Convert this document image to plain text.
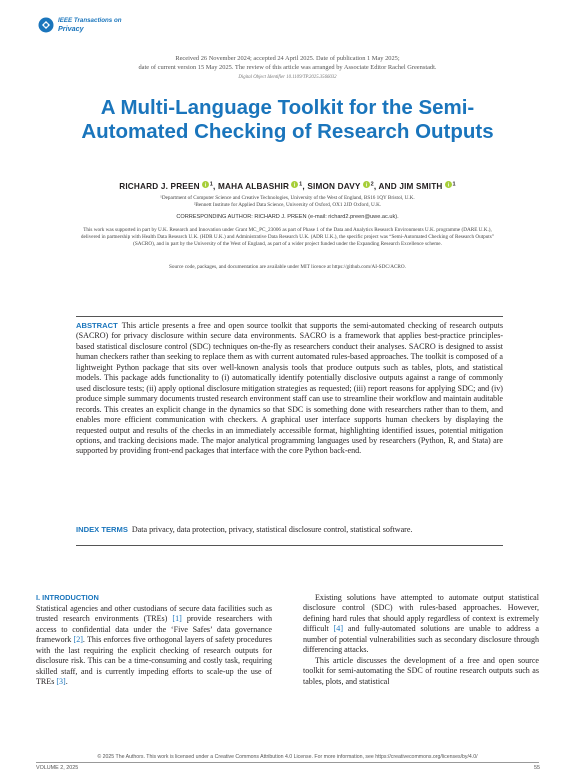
IEEE Transactions on
Privacy
Received 26 November 2024; accepted 24 April 2025. Date of publication 1 May 2025;
date of current version 15 May 2025. The review of this article was arranged by Associate Editor Rachel Greenstadt.
Digital Object Identifier 10.1109/TP.2025.3566032
A Multi-Language Toolkit for the Semi-Automated Checking of Research Outputs
RICHARD J. PREEN i $^1$, MAHA ALBASHIR i $^1$, SIMON DAVY i $^2$, AND JIM SMITH i $^1$
¹Department of Computer Science and Creative Technologies, University of the West of England, BS16 1QY Bristol, U.K.
²Bennett Institute for Applied Data Science, University of Oxford, OX1 2JD Oxford, U.K.
CORRESPONDING AUTHOR: RICHARD J. PREEN (e-mail: richard2.preen@uwe.ac.uk).
This work was supported in part by U.K. Research and Innovation under Grant MC_PC_23006 as part of Phase 1 of the Data and Analytics Research Environments U.K. programme (DARE U.K.), delivered in partnership with Health Data Research U.K. (HDR U.K.) and Administrative Data Research U.K. (ADR U.K.), the specific project was “Semi-Automated Checking of Research Outputs” (SACRO), and in part by the University of the West of England, as part of a wider project funded under the Expanding Research Excellence scheme.
Source code, packages, and documentation are available under MIT licence at https://github.com/AI-SDC/ACRO.
ABSTRACT This article presents a free and open source toolkit that supports the semi-automated checking of research outputs (SACRO) for privacy disclosure within secure data environments. SACRO is a framework that applies best-practice principles-based statistical disclosure control (SDC) techniques on-the-fly as researchers conduct their analyses. SACRO is designed to assist human checkers rather than seeking to replace them as with current automated rules-based approaches. The toolkit is composed of a lightweight Python package that sits over well-known analysis tools that produce outputs such as tables, plots, and statistical models. This package adds functionality to (i) automatically identify potentially disclosive outputs against a range of commonly used disclosure tests; (ii) apply optional disclosure mitigation strategies as requested; (iii) report reasons for applying SDC; and (iv) produce simple summary documents trusted research environment staff can use to streamline their workflow and maintain auditable records. This creates an explicit change in the dynamics so that SDC is something done with researchers rather than to them, and enables more efficient communication with checkers. A graphical user interface supports human checkers by displaying the requested output and results of the checks in an immediately accessible format, highlighting identified issues, potential mitigation options, and tracking decisions made. The major analytical programming languages used by researchers (Python, R, and Stata) are supported by providing front-end packages that interface with the core Python back-end.
INDEX TERMS Data privacy, data protection, privacy, statistical disclosure control, statistical software.
I. INTRODUCTION

Statistical agencies and other custodians of secure data facilities such as trusted research environments (TREs) [1] provide researchers with access to confidential data under the ‘Five Safes’ data governance framework [2]. This enforces five orthogonal layers of safety procedures with the last requiring the explicit checking of research outputs for disclosure risk. This can be a time-consuming and costly task, requiring skilled staff, and is currently impeding efforts to scale-up the use of TREs [3].

Existing solutions have attempted to automate output statistical disclosure control (SDC) with rules-based approaches. However, defining hard rules that should apply regardless of context is extremely difficult [4] and fully-automated solutions are unable to address a number of potential vulnerabilities such as secondary disclosure through differencing attacks.

This article discusses the development of a free and open source toolkit for semi-automating the SDC of routine research outputs such as tables, plots, and statistical

© 2025 The Authors. This work is licensed under a Creative Commons Attribution 4.0 License. For more information, see https://creativecommons.org/licenses/by/4.0/
VOLUME 2, 2025	55
